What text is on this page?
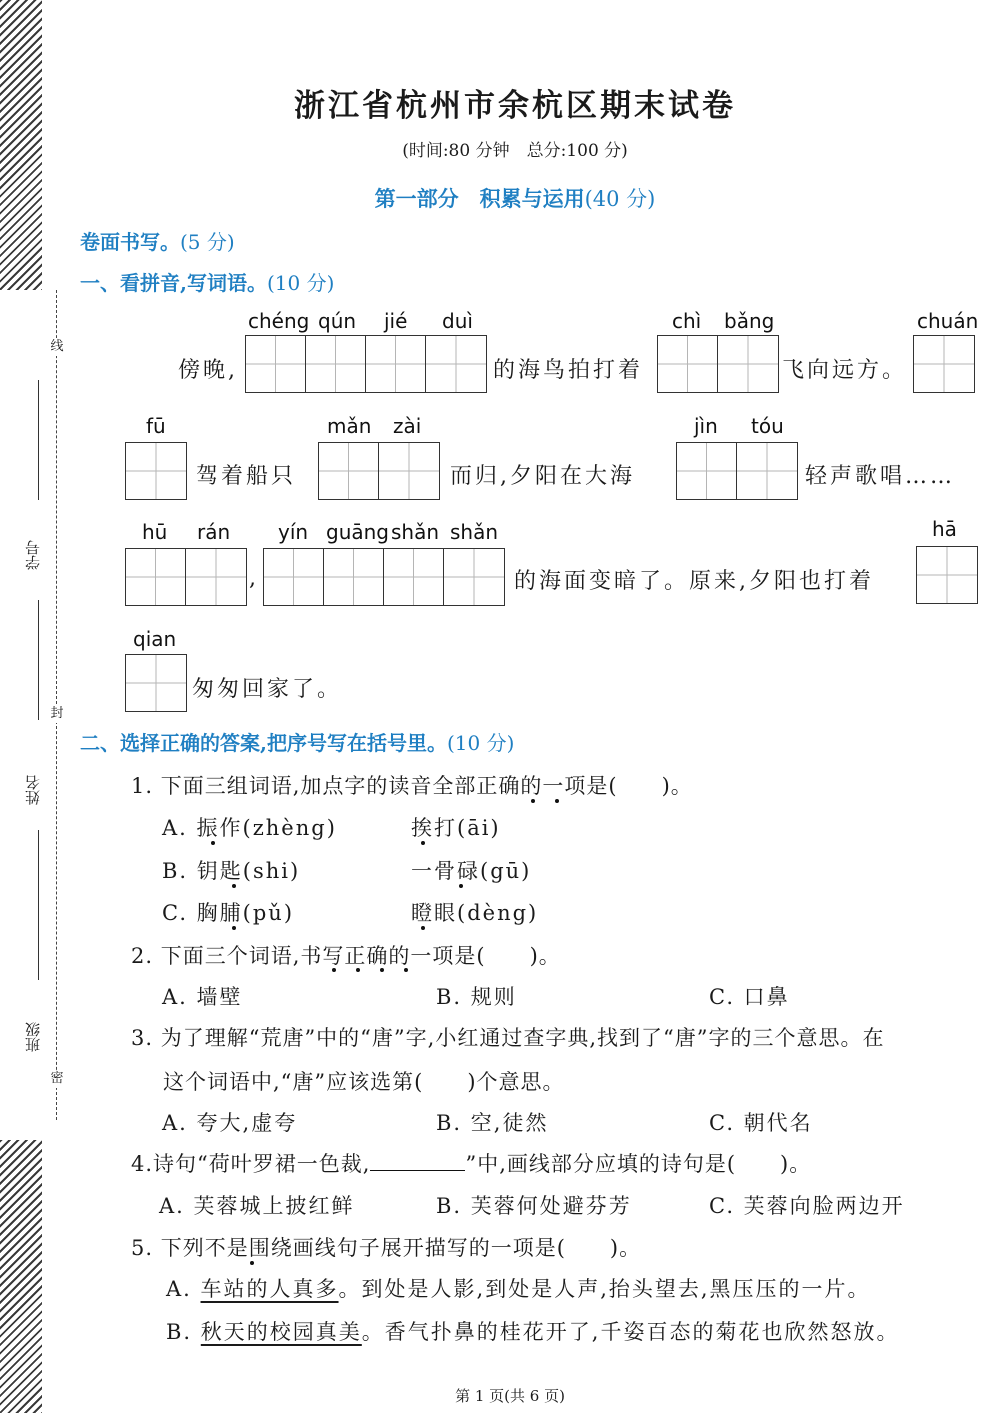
线
封
密
学号
姓名
班级
浙江省杭州市余杭区期末试卷
(时间:80 分钟　总分:100 分)
第一部分　积累与运用(40 分)
卷面书写。(5 分)
一、看拼音,写词语。(10 分)
chéng qún jié duì
傍晚,	的海鸟拍打着
chì bǎng
飞向远方。
chuán
fū
驾着船只
mǎn zài
而归,夕阳在大海
jìn tóu
轻声歌唱……
hū rán
,
yín guāng shǎn shǎn
的海面变暗了。原来,夕阳也打着
hā
qian
匆匆回家了。
二、选择正确的答案,把序号写在括号里。(10 分)
1. 下面三组词语,加点字的读音全部正确的一项是(　　)。
A. 振作(zhèng)	挨打(āi)
B. 钥匙(shi)	一骨碌(gū)
C. 胸脯(pǔ)	瞪眼(dèng)
2. 下面三个词语,书写正确的一项是(　　)。
A. 墙壁	B. 规则	C. 口鼻
3. 为了理解“荒唐”中的“唐”字,小红通过查字典,找到了“唐”字的三个意思。在
这个词语中,“唐”应该选第(　　)个意思。
A. 夸大,虚夸	B. 空,徒然	C. 朝代名
4.诗句“荷叶罗裙一色裁,	”中,画线部分应填的诗句是(　　)。
A. 芙蓉城上披红鲜	B. 芙蓉何处避芬芳	C. 芙蓉向脸两边开
5. 下列不是围绕画线句子展开描写的一项是(　　)。
A. 车站的人真多。到处是人影,到处是人声,抬头望去,黑压压的一片。
B. 秋天的校园真美。香气扑鼻的桂花开了,千姿百态的菊花也欣然怒放。
第 1 页(共 6 页)
